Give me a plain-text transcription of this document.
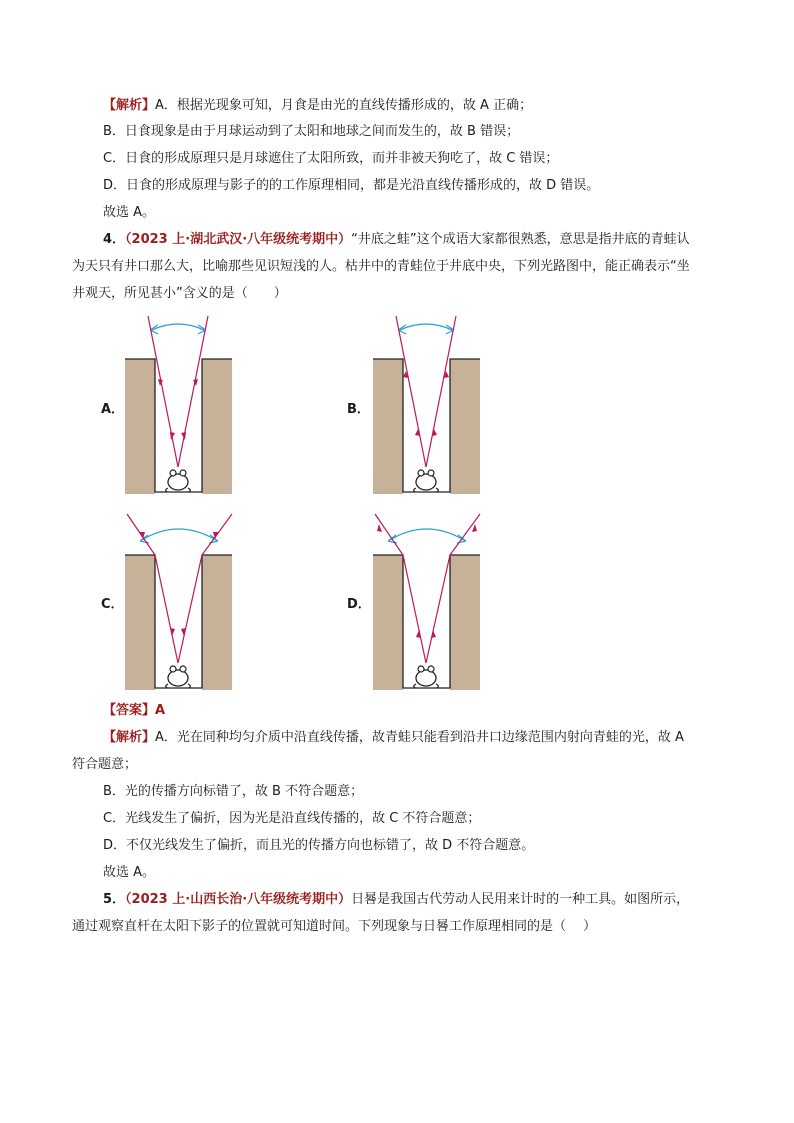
【解析】A．根据光现象可知，月食是由光的直线传播形成的，故 A 正确；
B．日食现象是由于月球运动到了太阳和地球之间而发生的，故 B 错误；
C．日食的形成原理只是月球遮住了太阳所致，而并非被天狗吃了，故 C 错误；
D．日食的形成原理与影子的的工作原理相同，都是光沿直线传播形成的，故 D 错误。
故选 A。
4．（2023 上·湖北武汉·八年级统考期中）“井底之蛙”这个成语大家都很熟悉，意思是指井底的青蛙认
为天只有井口那么大，比喻那些见识短浅的人。枯井中的青蛙位于井底中央，下列光路图中，能正确表示“坐
井观天，所见甚小”含义的是（　　）
A．	B．
C．	D．
【答案】A
【解析】A．光在同种均匀介质中沿直线传播，故青蛙只能看到沿井口边缘范围内射向青蛙的光，故 A
符合题意；
B．光的传播方向标错了，故 B 不符合题意；
C．光线发生了偏折，因为光是沿直线传播的，故 C 不符合题意；
D．不仅光线发生了偏折，而且光的传播方向也标错了，故 D 不符合题意。
故选 A。
5．（2023 上·山西长治·八年级统考期中）日晷是我国古代劳动人民用来计时的一种工具。如图所示，
通过观察直杆在太阳下影子的位置就可知道时间。下列现象与日晷工作原理相同的是（　 ）
